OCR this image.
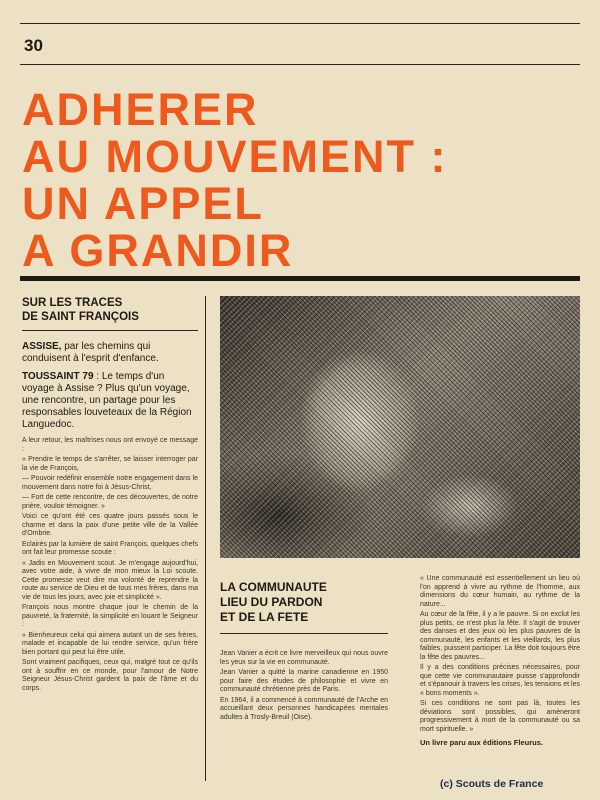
30
ADHERER
AU MOUVEMENT :
UN APPEL
A GRANDIR
SUR LES TRACES
DE SAINT FRANÇOIS

ASSISE, par les chemins qui conduisent à l'esprit d'enfance.

TOUSSAINT 79 : Le temps d'un voyage à Assise ? Plus qu'un voyage, une rencontre, un partage pour les responsables louveteaux de la Région Languedoc.

A leur retour, les maîtrises nous ont envoyé ce message :

« Prendre le temps de s'arrêter, se laisser interroger par la vie de François,

— Pouvoir redéfinir ensemble notre engagement dans le mouvement dans notre foi à Jésus-Christ,

— Fort de cette rencontre, de ces découvertes, de notre prière, vouloir témoigner. »

Voici ce qu'ont été ces quatre jours passés sous le charme et dans la paix d'une petite ville de la Vallée d'Ombrie.

Eclairés par la lumière de saint François, quelques chefs ont fait leur promesse scoute :

« Jadis en Mouvement scout. Je m'engage aujourd'hui, avec votre aide, à vivre de mon mieux la Loi scoute. Cette promesse veut dire ma volonté de reprendre la route au service de Dieu et de tous mes frères, dans ma vie de tous les jours, avec joie et simplicité ».

François nous montre chaque jour le chemin de la pauvreté, la fraternité, la simplicité en louant le Seigneur :

« Bienheureux celui qui aimera autant un de ses frères, malade et incapable de lui rendre service, qu'un frère bien portant qui peut lui être utile.

Sont vraiment pacifiques, ceux qui, malgré tout ce qu'ils ont à souffrir en ce monde, pour l'amour de Notre Seigneur Jésus-Christ gardent la paix de l'âme et du corps.

LA COMMUNAUTE
LIEU DU PARDON
ET DE LA FETE

Jean Vanier a écrit ce livre merveilleux qui nous ouvre les yeux sur la vie en communauté.

Jean Vanier a quitté la marine canadienne en 1950 pour faire des études de philosophie et vivre en communauté chrétienne près de Paris.

En 1964, il a commencé à communauté de l'Arche en accueillant deux personnes handicapées mentales adultes à Trosly-Breuil (Oise).

« Une communauté est essentiellement un lieu où l'on apprend à vivre au rythme de l'homme, aux dimensions du cœur humain, au rythme de la nature...

Au cœur de la fête, il y a le pauvre. Si on exclut les plus petits, ce n'est plus la fête. Il s'agit de trouver des danses et des jeux où les plus pauvres de la communauté, les enfants et les vieillards, les plus faibles, puissent participer. La fête doit toujours être la fête des pauvres...

Il y a des conditions précises nécessaires, pour que cette vie communautaire puisse s'approfondir et s'épanouir à travers les crises, les tensions et les « bons moments ».

Si ces conditions ne sont pas là, toutes les déviations sont possibles, qui amèneront progressivement à mort de la communauté ou sa mort spirituelle. »

Un livre paru aux éditions Fleurus.
(c) Scouts de France
